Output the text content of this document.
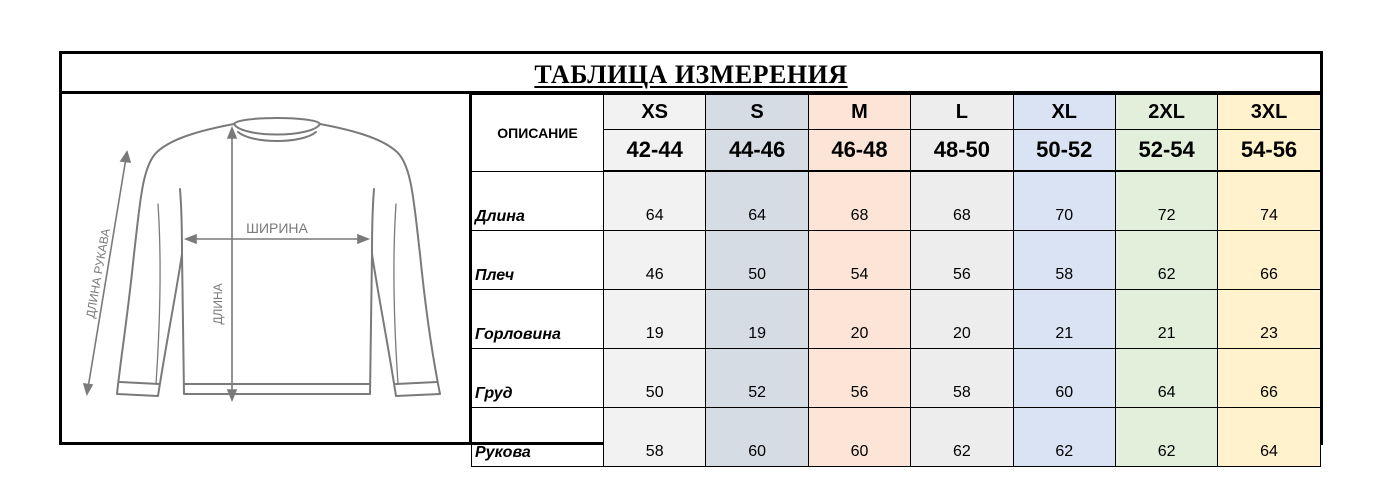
ТАБЛИЦА ИЗМЕРЕНИЯ
ШИРИНА
ДЛИНА
ДЛИНА РУКАВА
ОПИСАНИЕ	XS	S	M	L	XL	2XL	3XL
	42-44	44-46	46-48	48-50	50-52	52-54	54-56
Длина	64	64	68	68	70	72	74
Плеч	46	50	54	56	58	62	66
Горловина	19	19	20	20	21	21	23
Груд	50	52	56	58	60	64	66
Рукова	58	60	60	62	62	62	64
